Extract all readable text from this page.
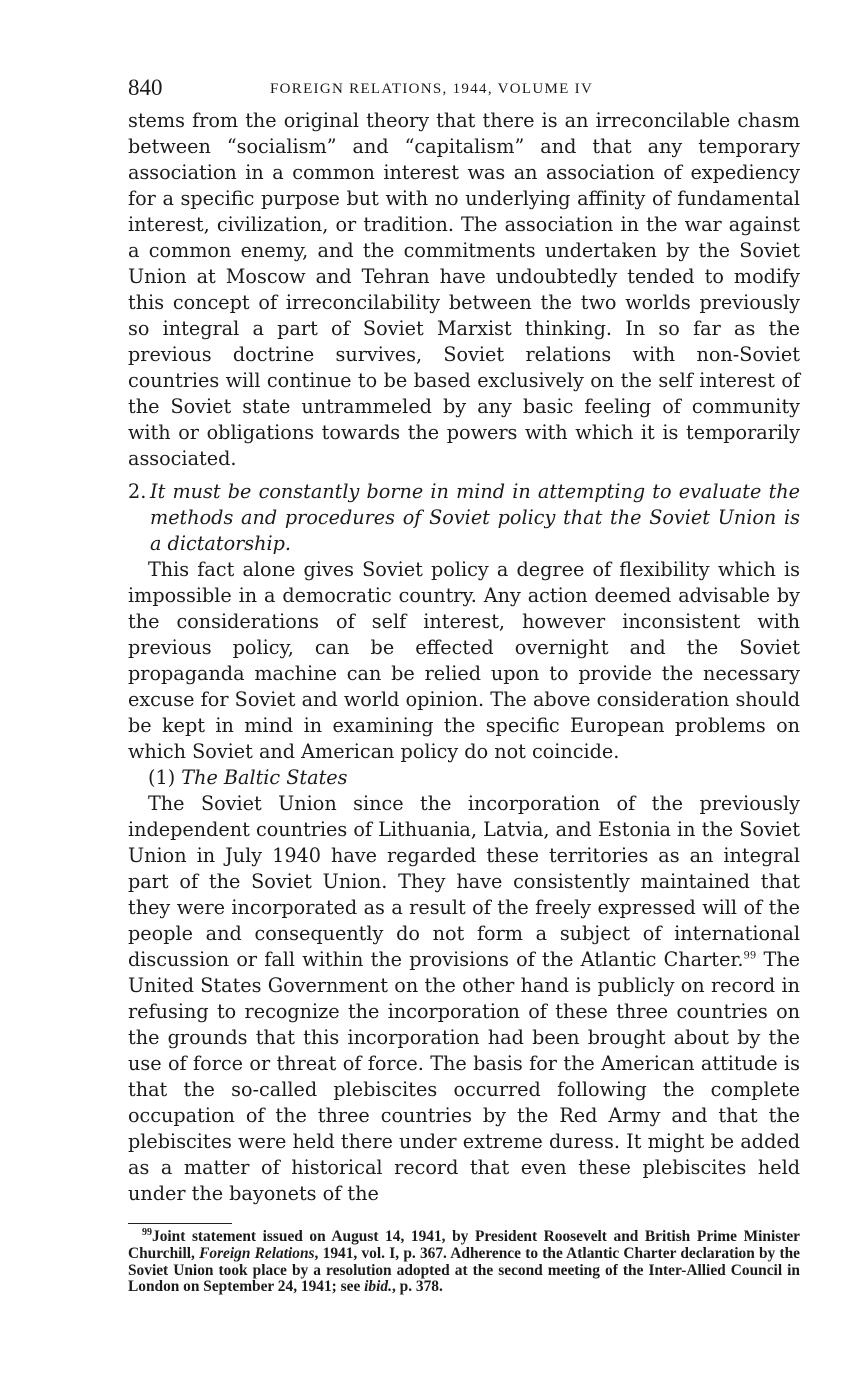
840	FOREIGN RELATIONS, 1944, VOLUME IV

stems from the original theory that there is an irreconcilable chasm between “socialism” and “capitalism” and that any temporary association in a common interest was an association of expediency for a specific purpose but with no underlying affinity of fundamental interest, civilization, or tradition. The association in the war against a common enemy, and the commitments undertaken by the Soviet Union at Moscow and Tehran have undoubtedly tended to modify this concept of irreconcilability between the two worlds previously so integral a part of Soviet Marxist thinking. In so far as the previous doctrine survives, Soviet relations with non-Soviet countries will continue to be based exclusively on the self interest of the Soviet state untrammeled by any basic feeling of community with or obligations towards the powers with which it is temporarily associated.

2. It must be constantly borne in mind in attempting to evaluate the methods and procedures of Soviet policy that the Soviet Union is a dictatorship.

This fact alone gives Soviet policy a degree of flexibility which is impossible in a democratic country. Any action deemed advisable by the considerations of self interest, however inconsistent with previous policy, can be effected overnight and the Soviet propaganda machine can be relied upon to provide the necessary excuse for Soviet and world opinion. The above consideration should be kept in mind in examining the specific European problems on which Soviet and American policy do not coincide.

(1) The Baltic States

The Soviet Union since the incorporation of the previously independent countries of Lithuania, Latvia, and Estonia in the Soviet Union in July 1940 have regarded these territories as an integral part of the Soviet Union. They have consistently maintained that they were incorporated as a result of the freely expressed will of the people and consequently do not form a subject of international discussion or fall within the provisions of the Atlantic Charter.$^{99}$ The United States Government on the other hand is publicly on record in refusing to recognize the incorporation of these three countries on the grounds that this incorporation had been brought about by the use of force or threat of force. The basis for the American attitude is that the so-called plebiscites occurred following the complete occupation of the three countries by the Red Army and that the plebiscites were held there under extreme duress. It might be added as a matter of historical record that even these plebiscites held under the bayonets of the

$^{99}$Joint statement issued on August 14, 1941, by President Roosevelt and British Prime Minister Churchill, Foreign Relations, 1941, vol. I, p. 367. Adherence to the Atlantic Charter declaration by the Soviet Union took place by a resolution adopted at the second meeting of the Inter-Allied Council in London on September 24, 1941; see ibid., p. 378.
